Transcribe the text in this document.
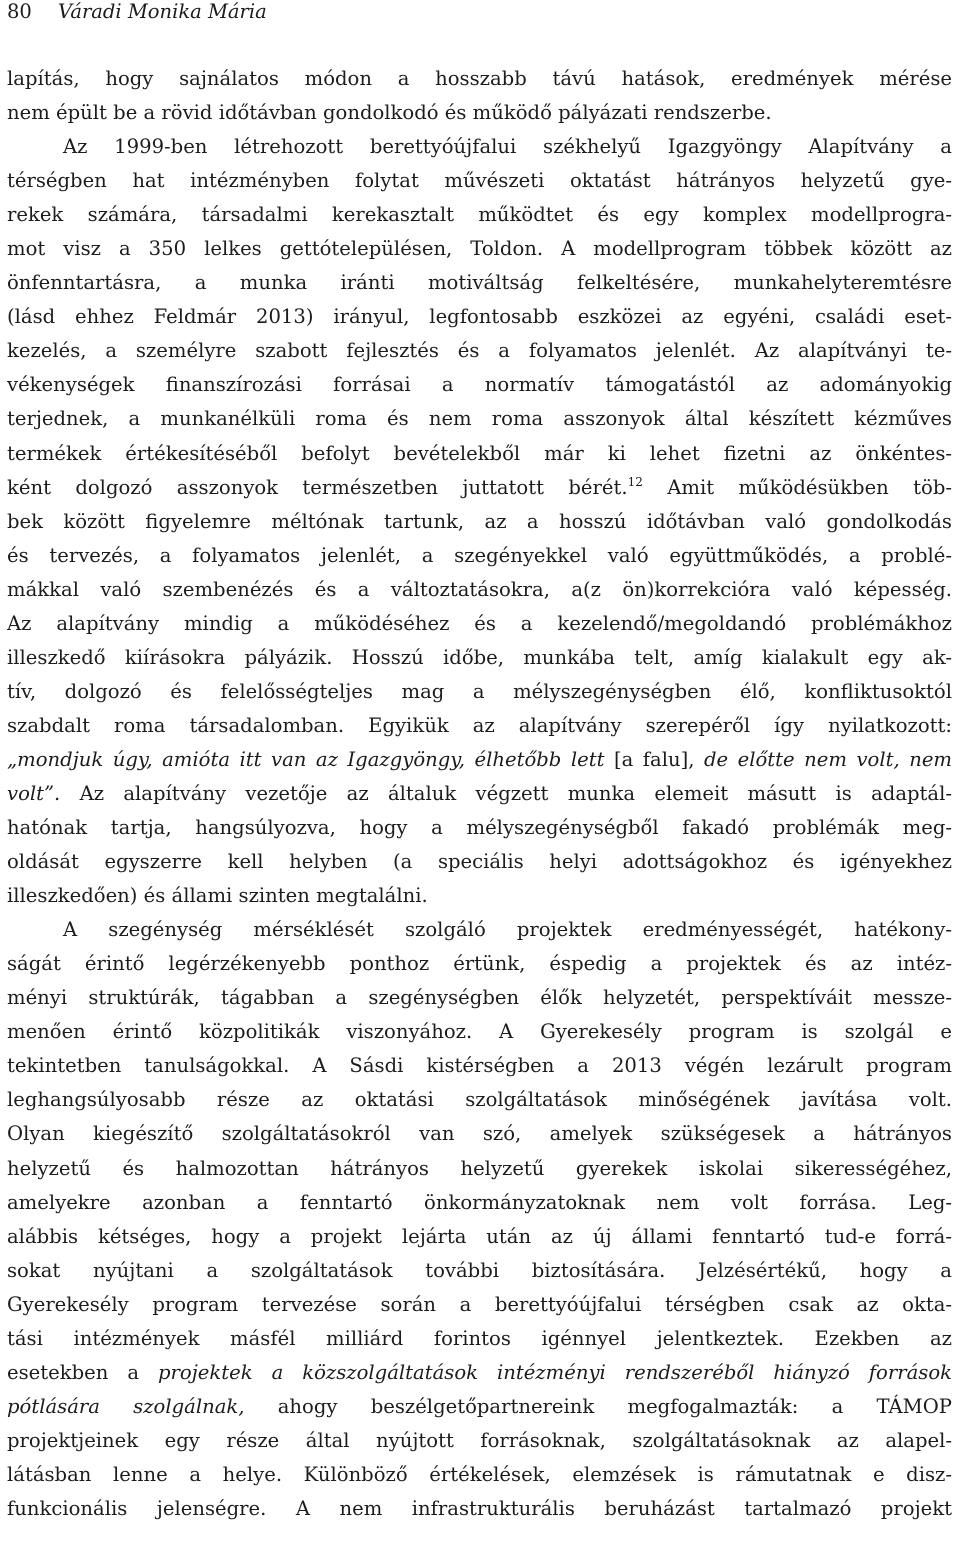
80 Váradi Monika Mária

lapítás, hogy sajnálatos módon a hosszabb távú hatások, eredmények mérése
nem épült be a rövid időtávban gondolkodó és működő pályázati rendszerbe.

Az 1999-ben létrehozott berettyóújfalui székhelyű Igazgyöngy Alapítvány a
térségben hat intézményben folytat művészeti oktatást hátrányos helyzetű gye-
rekek számára, társadalmi kerekasztalt működtet és egy komplex modellprogra-
mot visz a 350 lelkes gettótelepülésen, Toldon. A modellprogram többek között az
önfenntartásra, a munka iránti motiváltság felkeltésére, munkahelyteremtésre
(lásd ehhez Feldmár 2013) irányul, legfontosabb eszközei az egyéni, családi eset-
kezelés, a személyre szabott fejlesztés és a folyamatos jelenlét. Az alapítványi te-
vékenységek finanszírozási forrásai a normatív támogatástól az adományokig
terjednek, a munkanélküli roma és nem roma asszonyok által készített kézműves
termékek értékesítéséből befolyt bevételekből már ki lehet fizetni az önkéntes-
ként dolgozó asszonyok természetben juttatott bérét.$^{12}$ Amit működésükben töb-
bek között figyelemre méltónak tartunk, az a hosszú időtávban való gondolkodás
és tervezés, a folyamatos jelenlét, a szegényekkel való együttműködés, a problé-
mákkal való szembenézés és a változtatásokra, a(z ön)korrekcióra való képesség.
Az alapítvány mindig a működéséhez és a kezelendő/megoldandó problémákhoz
illeszkedő kiírásokra pályázik. Hosszú időbe, munkába telt, amíg kialakult egy ak-
tív, dolgozó és felelősségteljes mag a mélyszegénységben élő, konfliktusoktól
szabdalt roma társadalomban. Egyikük az alapítvány szerepéről így nyilatkozott:
„mondjuk úgy, amióta itt van az Igazgyöngy, élhetőbb lett [a falu], de előtte nem volt, nem
volt”. Az alapítvány vezetője az általuk végzett munka elemeit másutt is adaptál-
hatónak tartja, hangsúlyozva, hogy a mélyszegénységből fakadó problémák meg-
oldását egyszerre kell helyben (a speciális helyi adottságokhoz és igényekhez
illeszkedően) és állami szinten megtalálni.

A szegénység mérséklését szolgáló projektek eredményességét, hatékony-
ságát érintő legérzékenyebb ponthoz értünk, éspedig a projektek és az intéz-
ményi struktúrák, tágabban a szegénységben élők helyzetét, perspektíváit messze-
menően érintő közpolitikák viszonyához. A Gyerekesély program is szolgál e
tekintetben tanulságokkal. A Sásdi kistérségben a 2013 végén lezárult program
leghangsúlyosabb része az oktatási szolgáltatások minőségének javítása volt.
Olyan kiegészítő szolgáltatásokról van szó, amelyek szükségesek a hátrányos
helyzetű és halmozottan hátrányos helyzetű gyerekek iskolai sikerességéhez,
amelyekre azonban a fenntartó önkormányzatoknak nem volt forrása. Leg-
alábbis kétséges, hogy a projekt lejárta után az új állami fenntartó tud-e forrá-
sokat nyújtani a szolgáltatások további biztosítására. Jelzésértékű, hogy a
Gyerekesély program tervezése során a berettyóújfalui térségben csak az okta-
tási intézmények másfél milliárd forintos igénnyel jelentkeztek. Ezekben az
esetekben a projektek a közszolgáltatások intézményi rendszeréből hiányzó források
pótlására szolgálnak, ahogy beszélgetőpartnereink megfogalmazták: a TÁMOP
projektjeinek egy része által nyújtott forrásoknak, szolgáltatásoknak az alapel-
látásban lenne a helye. Különböző értékelések, elemzések is rámutatnak e disz-
funkcionális jelenségre. A nem infrastrukturális beruházást tartalmazó projekt
